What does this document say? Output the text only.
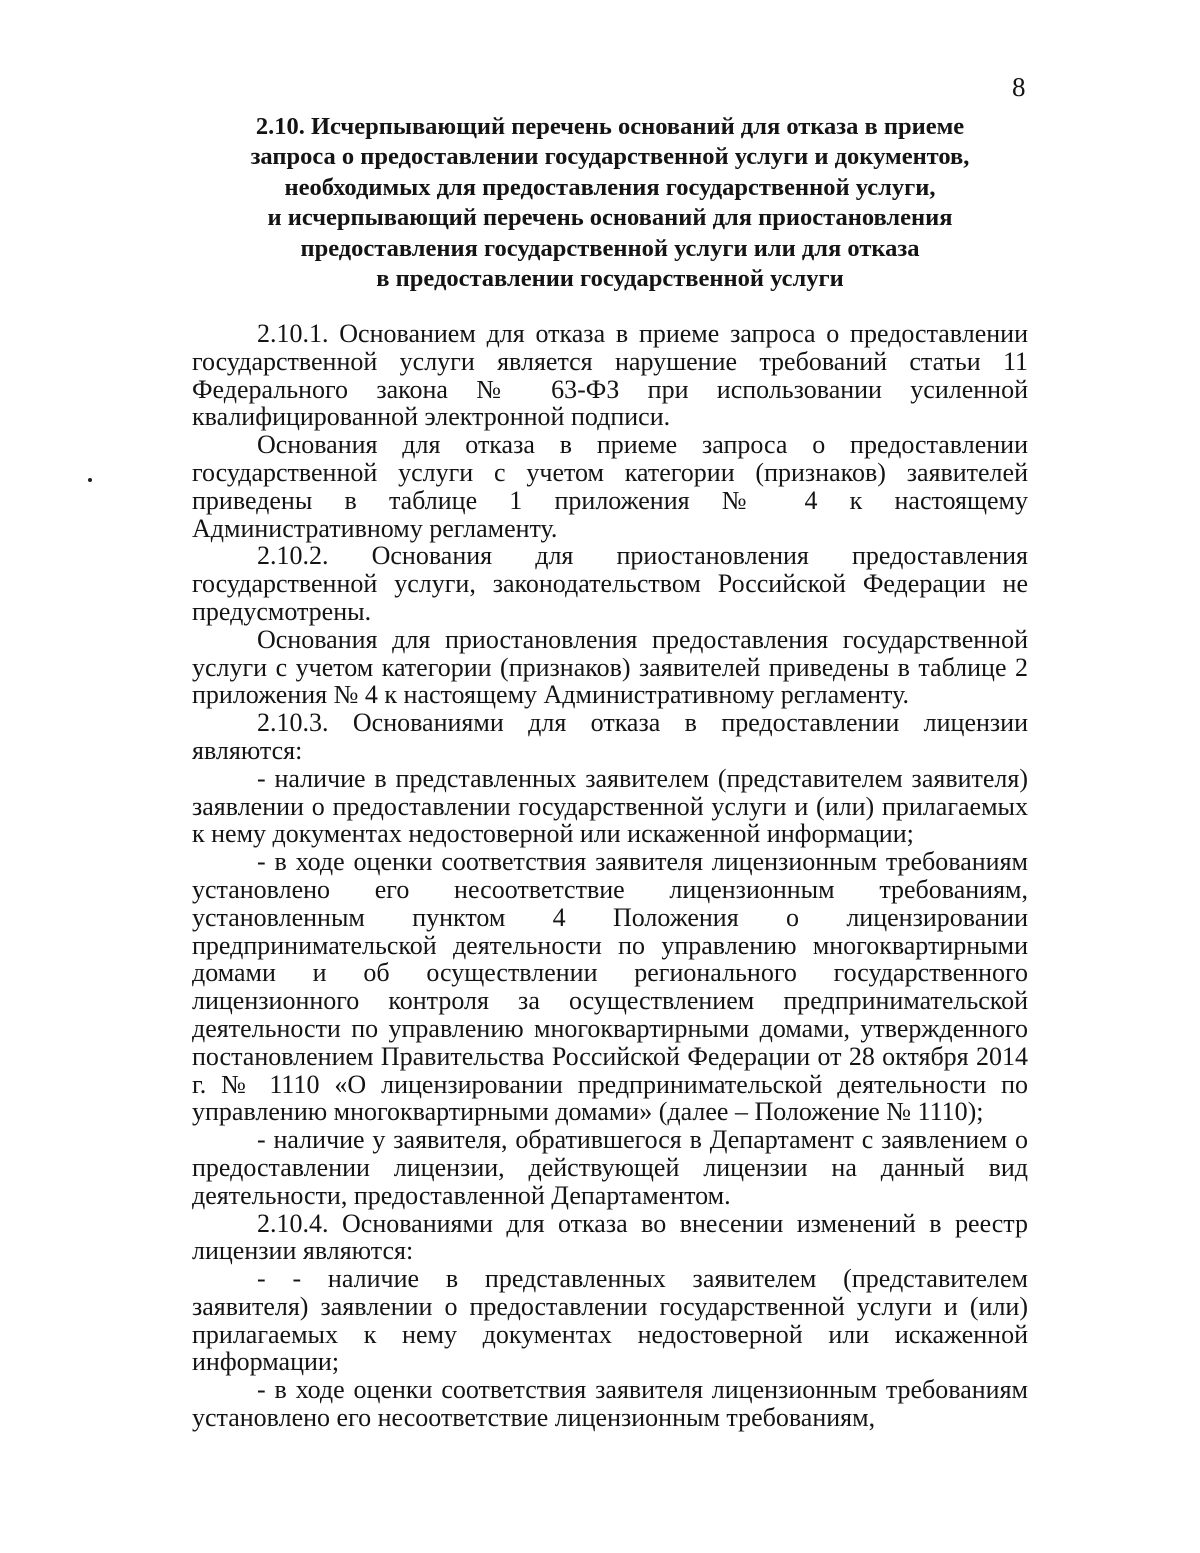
8
2.10. Исчерпывающий перечень оснований для отказа в приеме
запроса о предоставлении государственной услуги и документов,
необходимых для предоставления государственной услуги,
и исчерпывающий перечень оснований для приостановления
предоставления государственной услуги или для отказа
в предоставлении государственной услуги

2.10.1. Основанием для отказа в приеме запроса о предоставлении государственной услуги является нарушение требований статьи 11 Федерального закона № 63-ФЗ при использовании усиленной квалифицированной электронной подписи.

Основания для отказа в приеме запроса о предоставлении государственной услуги с учетом категории (признаков) заявителей приведены в таблице 1 приложения № 4 к настоящему Административному регламенту.

2.10.2. Основания для приостановления предоставления государственной услуги, законодательством Российской Федерации не предусмотрены.

Основания для приостановления предоставления государственной услуги с учетом категории (признаков) заявителей приведены в таблице 2 приложения № 4 к настоящему Административному регламенту.

2.10.3. Основаниями для отказа в предоставлении лицензии являются:

- наличие в представленных заявителем (представителем заявителя) заявлении о предоставлении государственной услуги и (или) прилагаемых к нему документах недостоверной или искаженной информации;

- в ходе оценки соответствия заявителя лицензионным требованиям установлено его несоответствие лицензионным требованиям, установленным пунктом 4 Положения о лицензировании предпринимательской деятельности по управлению многоквартирными домами и об осуществлении регионального государственного лицензионного контроля за осуществлением предпринимательской деятельности по управлению многоквартирными домами, утвержденного постановлением Правительства Российской Федерации от 28 октября 2014 г. № 1110 «О лицензировании предпринимательской деятельности по управлению многоквартирными домами» (далее – Положение № 1110);

- наличие у заявителя, обратившегося в Департамент с заявлением о предоставлении лицензии, действующей лицензии на данный вид деятельности, предоставленной Департаментом.

2.10.4. Основаниями для отказа во внесении изменений в реестр лицензии являются:

- - наличие в представленных заявителем (представителем заявителя) заявлении о предоставлении государственной услуги и (или) прилагаемых к нему документах недостоверной или искаженной информации;

- в ходе оценки соответствия заявителя лицензионным требованиям установлено его несоответствие лицензионным требованиям,
